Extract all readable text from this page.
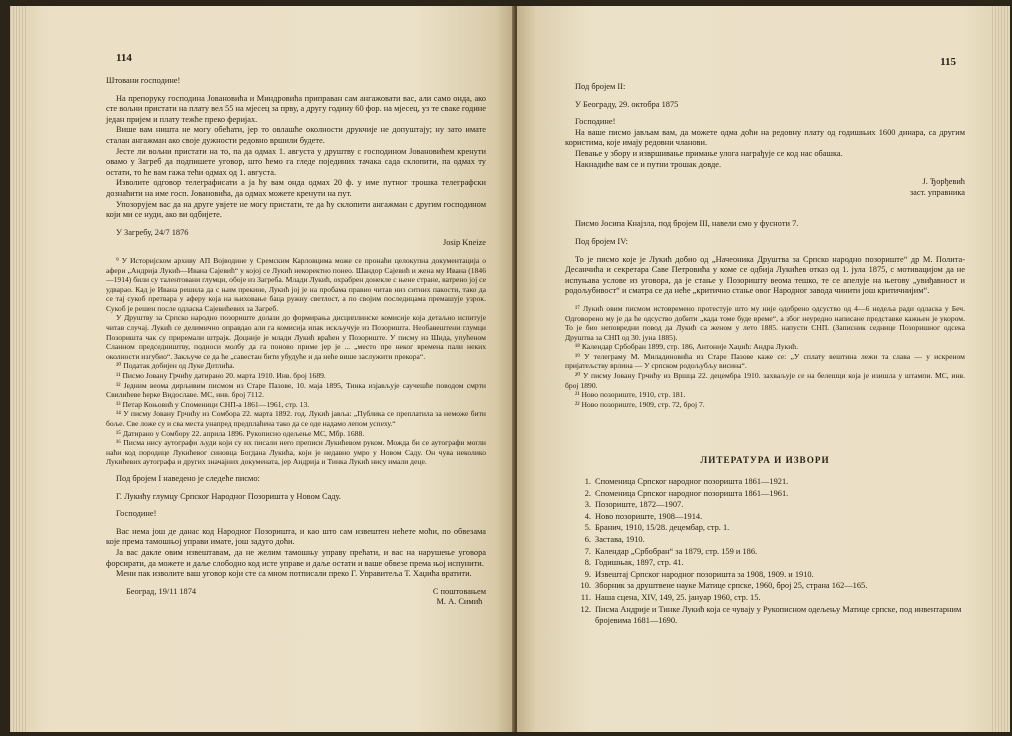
114

Штовани господине!

На препоруку господина Јовановића и Миндровића приправан сам ангажовати вас, али само онда, ако сте вољни пристати на плату вел 55 на мјесец за прву, а другу годину 60 фор. на мјесец, уз те сваке године један пријем и плату тежће преко феријах.

Више вам ништа не могу обећати, јер то овлашће околности друкчије не допуштају; ну зато имате сталан ангажман ако своје дужности редовно вршили будете.

Јесте ли вољни пристати на то, па да одмах 1. августа у друштву с господином Јовановићем кренути овамо у Загреб да подпишете уговор, што ћемо га гледе појединих тачака сада склопити, па одмах ту остати, то ће вам гажа тећи одмах од 1. августа.

Изволите одговор телеграфисати а ја ћу вам онда одмах 20 ф. у име путног трошка телеграфски дознаћити на име госп. Јовановића, да одмах можете кренути на пут.

Упозорујем вас да на друге увјете не могу пристати, те да ћу склопити ангажман с другим господином који ми се нуди, ако ви одбијете.

У Загребу, 24/7 1876

Josip Kneize

⁹ У Историјском архиву АП Војводине у Сремским Карловцима може се пронаћи целокупна документација о афери „Андрија Лукић—Ивана Сајевић“ у којој се Лукић некоректно понео. Шандор Сајевић и жена му Ивана (1846—1914) били су талентовани глумци, обоје из Загреба. Млади Лукић, охрабрен донекле с њене стране, ватрено јој се удварао. Кад је Ивана решила да с њим прекине, Лукић јој је на пробама правио читав низ ситних пакости, тако да се тај сукоб претвара у аферу која на њиховање баца ружну светлост, а по својим последицама премашује узрок. Сукоб је решен после одласка Сајевићевих за Загреб.

У Друштву за Српско народно позориште долази до формирања дисциплинске комисије која детаљно испитује читав случај. Лукић се делимично оправдао али га комисија ипак искључује из Позоришта. Необавештени глумци Позоришта чак су приремали штрајк. Доцније је млади Лукић враћен у Позориште. У писму из Шида, упућеном Сланном председништву, подноси молбу да га поново приме јер је ... „место пре неког времена пали неких околности изгубио“. Закључе се да ће „савестан бити убудуће и да неће више заслужити прекора“.

¹⁰ Податак добијен од Луке Дотлића.

¹¹ Писмо Јовану Грчићу датирано 20. марта 1910. Инв. број 1689.

¹² Једним веома дирљивим писмом из Старе Пазове, 10. маја 1895, Тинка изјављује саучешће поводом смрти Свилићеве ћерке Видославе. МС, инв. број 7112.

¹³ Петар Коњовић у Споменици СНП-а 1861—1961, стр. 13.

¹⁴ У писму Јовану Грчићу из Сомбора 22. марта 1892. год. Лукић јавља: „Публика се преплатила за неможе бити боље. Све ложе су и сва места унапред предплаћена тако да се оде надамо лепом успеху.“

¹⁵ Датирано у Сомбору 22. априла 1896. Рукописно одељење МС, Мбр. 1688.

¹⁶ Писма нису аутографи људи који су их писали него преписи Лукићевом руком. Можда би се аутографи могли наћи код породице Лукићевог синовца Богдана Лукића, који је недавно умро у Новом Саду. Он чува неколико Лукићевих аутографа и других значајних докумената, јер Андрија и Тинка Лукић нису имали деце.

Под бројем I наведено је следеће писмо:

Г. Лукићу глумцу Српског Народног Позоришта у Новом Саду.

Господине!

Вас нема још де данас код Народног Позоришта, и као што сам извештен нећете моћи, по обвезама које према тамошњој управи имате, још задуго доћи.

Ја вас дакле овим извештавам, да не желим тамошњу управу прећати, и вас на нарушење уговора форсирати, да можете и даље слободно код исте управе и даље остати и ваше обвезе према њој испунити.

Мени пак изволите ваш уговор који сте са мном потписали преко Г. Управитеља Т. Хаџића вратити.

Београд, 19/11 1874	С поштовањем
М. А. Симић
115

Под бројем II:

У Београду, 29. октобра 1875

Господине!

На ваше писмо јављам вам, да можете одма доћи на редовну плату од годишњих 1600 динара, са другим користима, које имају редовни чланови.

Певање у збору и извршивање примање улога награђује се код нас обашка.

Накнадиће вам се и путни трошак довде.

J. Ђорђевић

заст. управника

Писмо Јосипа Кнајзла, под бројем III, навели смо у фуснoти 7.

Под бројем IV:

То је писмо које је Лукић добио од „Начеоника Друштва за Српско народно позориште“ др М. Полита-Десанчића и секретара Саве Петровића у коме се одбија Лукићев отказ од 1. јула 1875, с мотивацијом да не испуњава услове из уговора, да је стање у Позоришту веома тешко, те се апелује на његову „увиђавност и родољубивост“ и сматра се да неће „критично стање овог Народног завода чинити још критичнијим“.

¹⁷ Лукић овим писмом истовремено протестује што му није одобрено одсуство од 4—6 недеља ради одласка у Беч. Одговорено му је да ће одсуство добити „када томе буде време“, а због неуредно написане представке кажњен је укором. То је био неповредни повод да Лукић са женом у лето 1885. напусти СНП. (Записник седнице Позоришног одсека Друштва за СНП од 30. јуна 1885).

¹⁸ Календар Србобран 1899, стр. 186, Антоније Хаџић: Андра Лукић.

¹⁹ У телеграму М. Миладиновића из Старе Пазове каже се: „У сплату вештина лежи та слава — у искреном пријатељству врлина — У српском родољубљу висина“.

²⁰ У писму Јовану Грчићу из Вршца 22. децембра 1910. захваљује се на белешци која је изишла у штампи. МС, инв. број 1890.

²¹ Ново позориште, 1910, стр. 181.

²² Ново позориште, 1909, стр. 72, број 7.

ЛИТЕРАТУРА И ИЗВОРИ

1. Споменица Српског народног позоришта 1861—1921.
2. Споменица Српског народног позоришта 1861—1961.
3. Позориште, 1872—1907.
4. Ново позориште, 1908—1914.
5. Бранич, 1910, 15/28. децембар, стр. 1.
6. Застава, 1910.
7. Календар „Србобран“ за 1879, стр. 159 и 186.
8. Годишњак, 1897, стр. 41.
9. Извештај Српског народног позоришта за 1908, 1909. и 1910.
10. Зборник за друштвене науке Матице српске, 1960, број 25, страна 162—165.
11. Наша сцена, XIV, 149, 25. јануар 1960, стр. 15.
12. Писма Андрије и Тинке Лукић која се чувају у Рукописном одељењу Матице српске, под инвентарним бројевима 1681—1690.
